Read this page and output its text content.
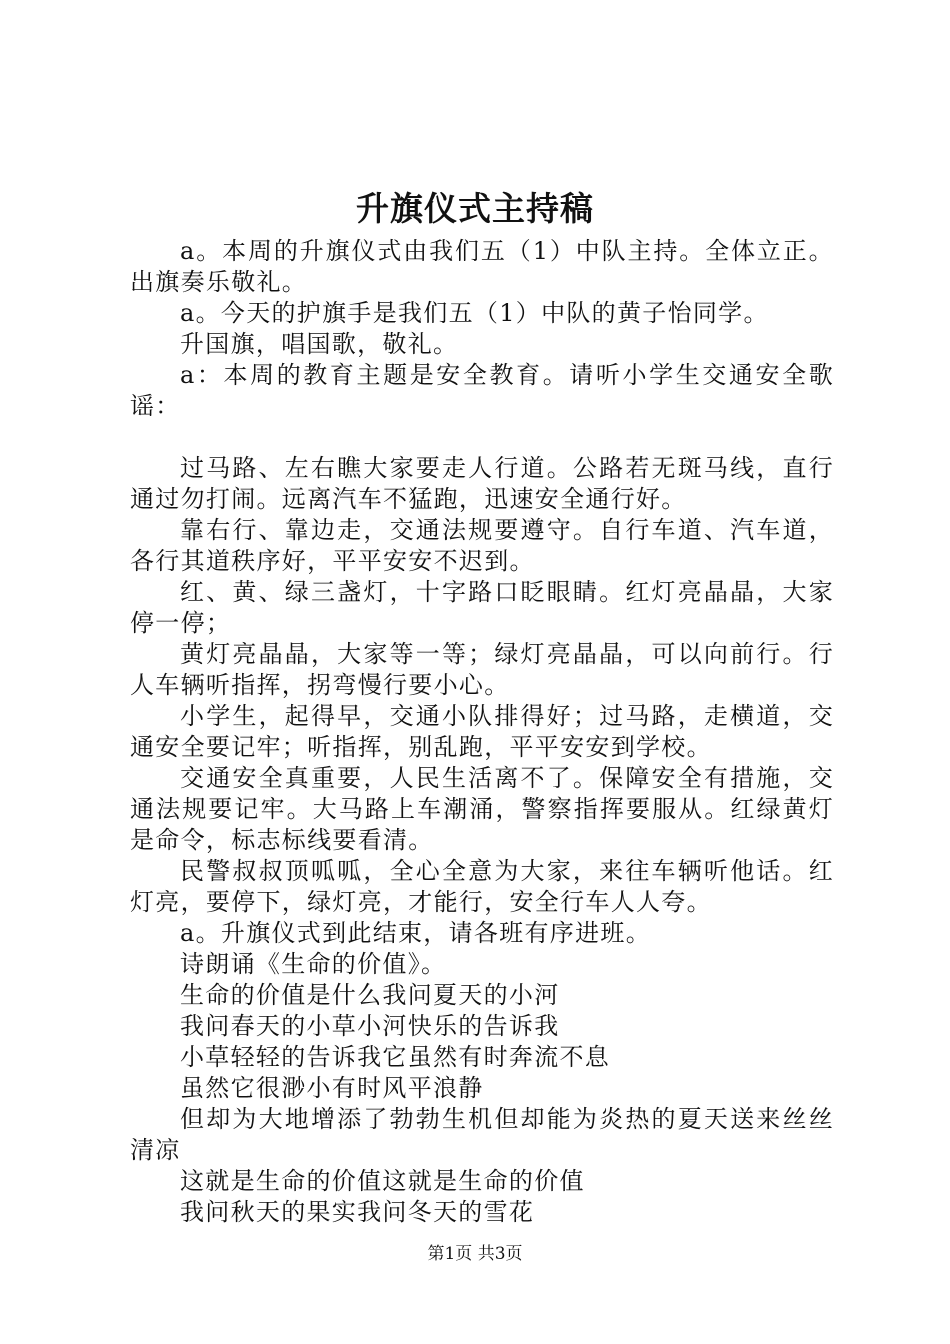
升旗仪式主持稿

a。本周的升旗仪式由我们五（1）中队主持。全体立正。出旗奏乐敬礼。

a。今天的护旗手是我们五（1）中队的黄子怡同学。

升国旗，唱国歌，敬礼。

a：本周的教育主题是安全教育。请听小学生交通安全歌谣：

过马路、左右瞧大家要走人行道。公路若无斑马线，直行通过勿打闹。远离汽车不猛跑，迅速安全通行好。

靠右行、靠边走，交通法规要遵守。自行车道、汽车道，各行其道秩序好，平平安安不迟到。

红、黄、绿三盏灯，十字路口眨眼睛。红灯亮晶晶，大家停一停；

黄灯亮晶晶，大家等一等；绿灯亮晶晶，可以向前行。行人车辆听指挥，拐弯慢行要小心。

小学生，起得早，交通小队排得好；过马路，走横道，交通安全要记牢；听指挥，别乱跑，平平安安到学校。

交通安全真重要，人民生活离不了。保障安全有措施，交通法规要记牢。大马路上车潮涌，警察指挥要服从。红绿黄灯是命令，标志标线要看清。

民警叔叔顶呱呱，全心全意为大家，来往车辆听他话。红灯亮，要停下，绿灯亮，才能行，安全行车人人夸。

a。升旗仪式到此结束，请各班有序进班。

诗朗诵《生命的价值》。

生命的价值是什么我问夏天的小河

我问春天的小草小河快乐的告诉我

小草轻轻的告诉我它虽然有时奔流不息

虽然它很渺小有时风平浪静

但却为大地增添了勃勃生机但却能为炎热的夏天送来丝丝清凉

这就是生命的价值这就是生命的价值

我问秋天的果实我问冬天的雪花

第1页 共3页
